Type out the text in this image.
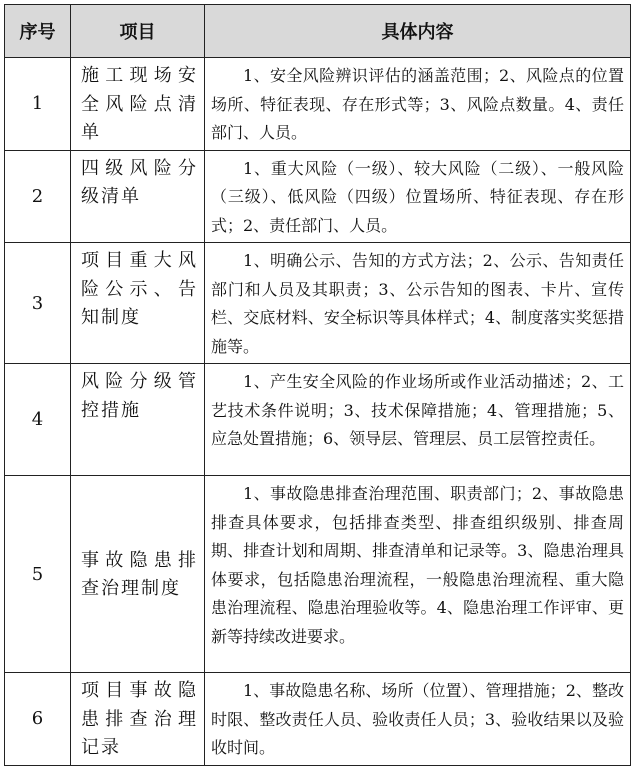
序号	项目	具体内容
1	施工现场安全风险点清单	1、安全风险辨识评估的涵盖范围；2、风险点的位置场所、特征表现、存在形式等；3、风险点数量。4、责任部门、人员。
2	四级风险分级清单	1、重大风险（一级）、较大风险（二级）、一般风险（三级）、低风险（四级）位置场所、特征表现、存在形式；2、责任部门、人员。
3	项目重大风险公示、告知制度	1、明确公示、告知的方式方法；2、公示、告知责任部门和人员及其职责；3、公示告知的图表、卡片、宣传栏、交底材料、安全标识等具体样式；4、制度落实奖惩措施等。
4	风险分级管控措施	1、产生安全风险的作业场所或作业活动描述；2、工艺技术条件说明；3、技术保障措施；4、管理措施；5、应急处置措施；6、领导层、管理层、员工层管控责任。
5	事故隐患排查治理制度	1、事故隐患排查治理范围、职责部门；2、事故隐患排查具体要求，包括排查类型、排查组织级别、排查周期、排查计划和周期、排查清单和记录等。3、隐患治理具体要求，包括隐患治理流程，一般隐患治理流程、重大隐患治理流程、隐患治理验收等。4、隐患治理工作评审、更新等持续改进要求。
6	项目事故隐患排查治理记录	1、事故隐患名称、场所（位置）、管理措施；2、整改时限、整改责任人员、验收责任人员；3、验收结果以及验收时间。
